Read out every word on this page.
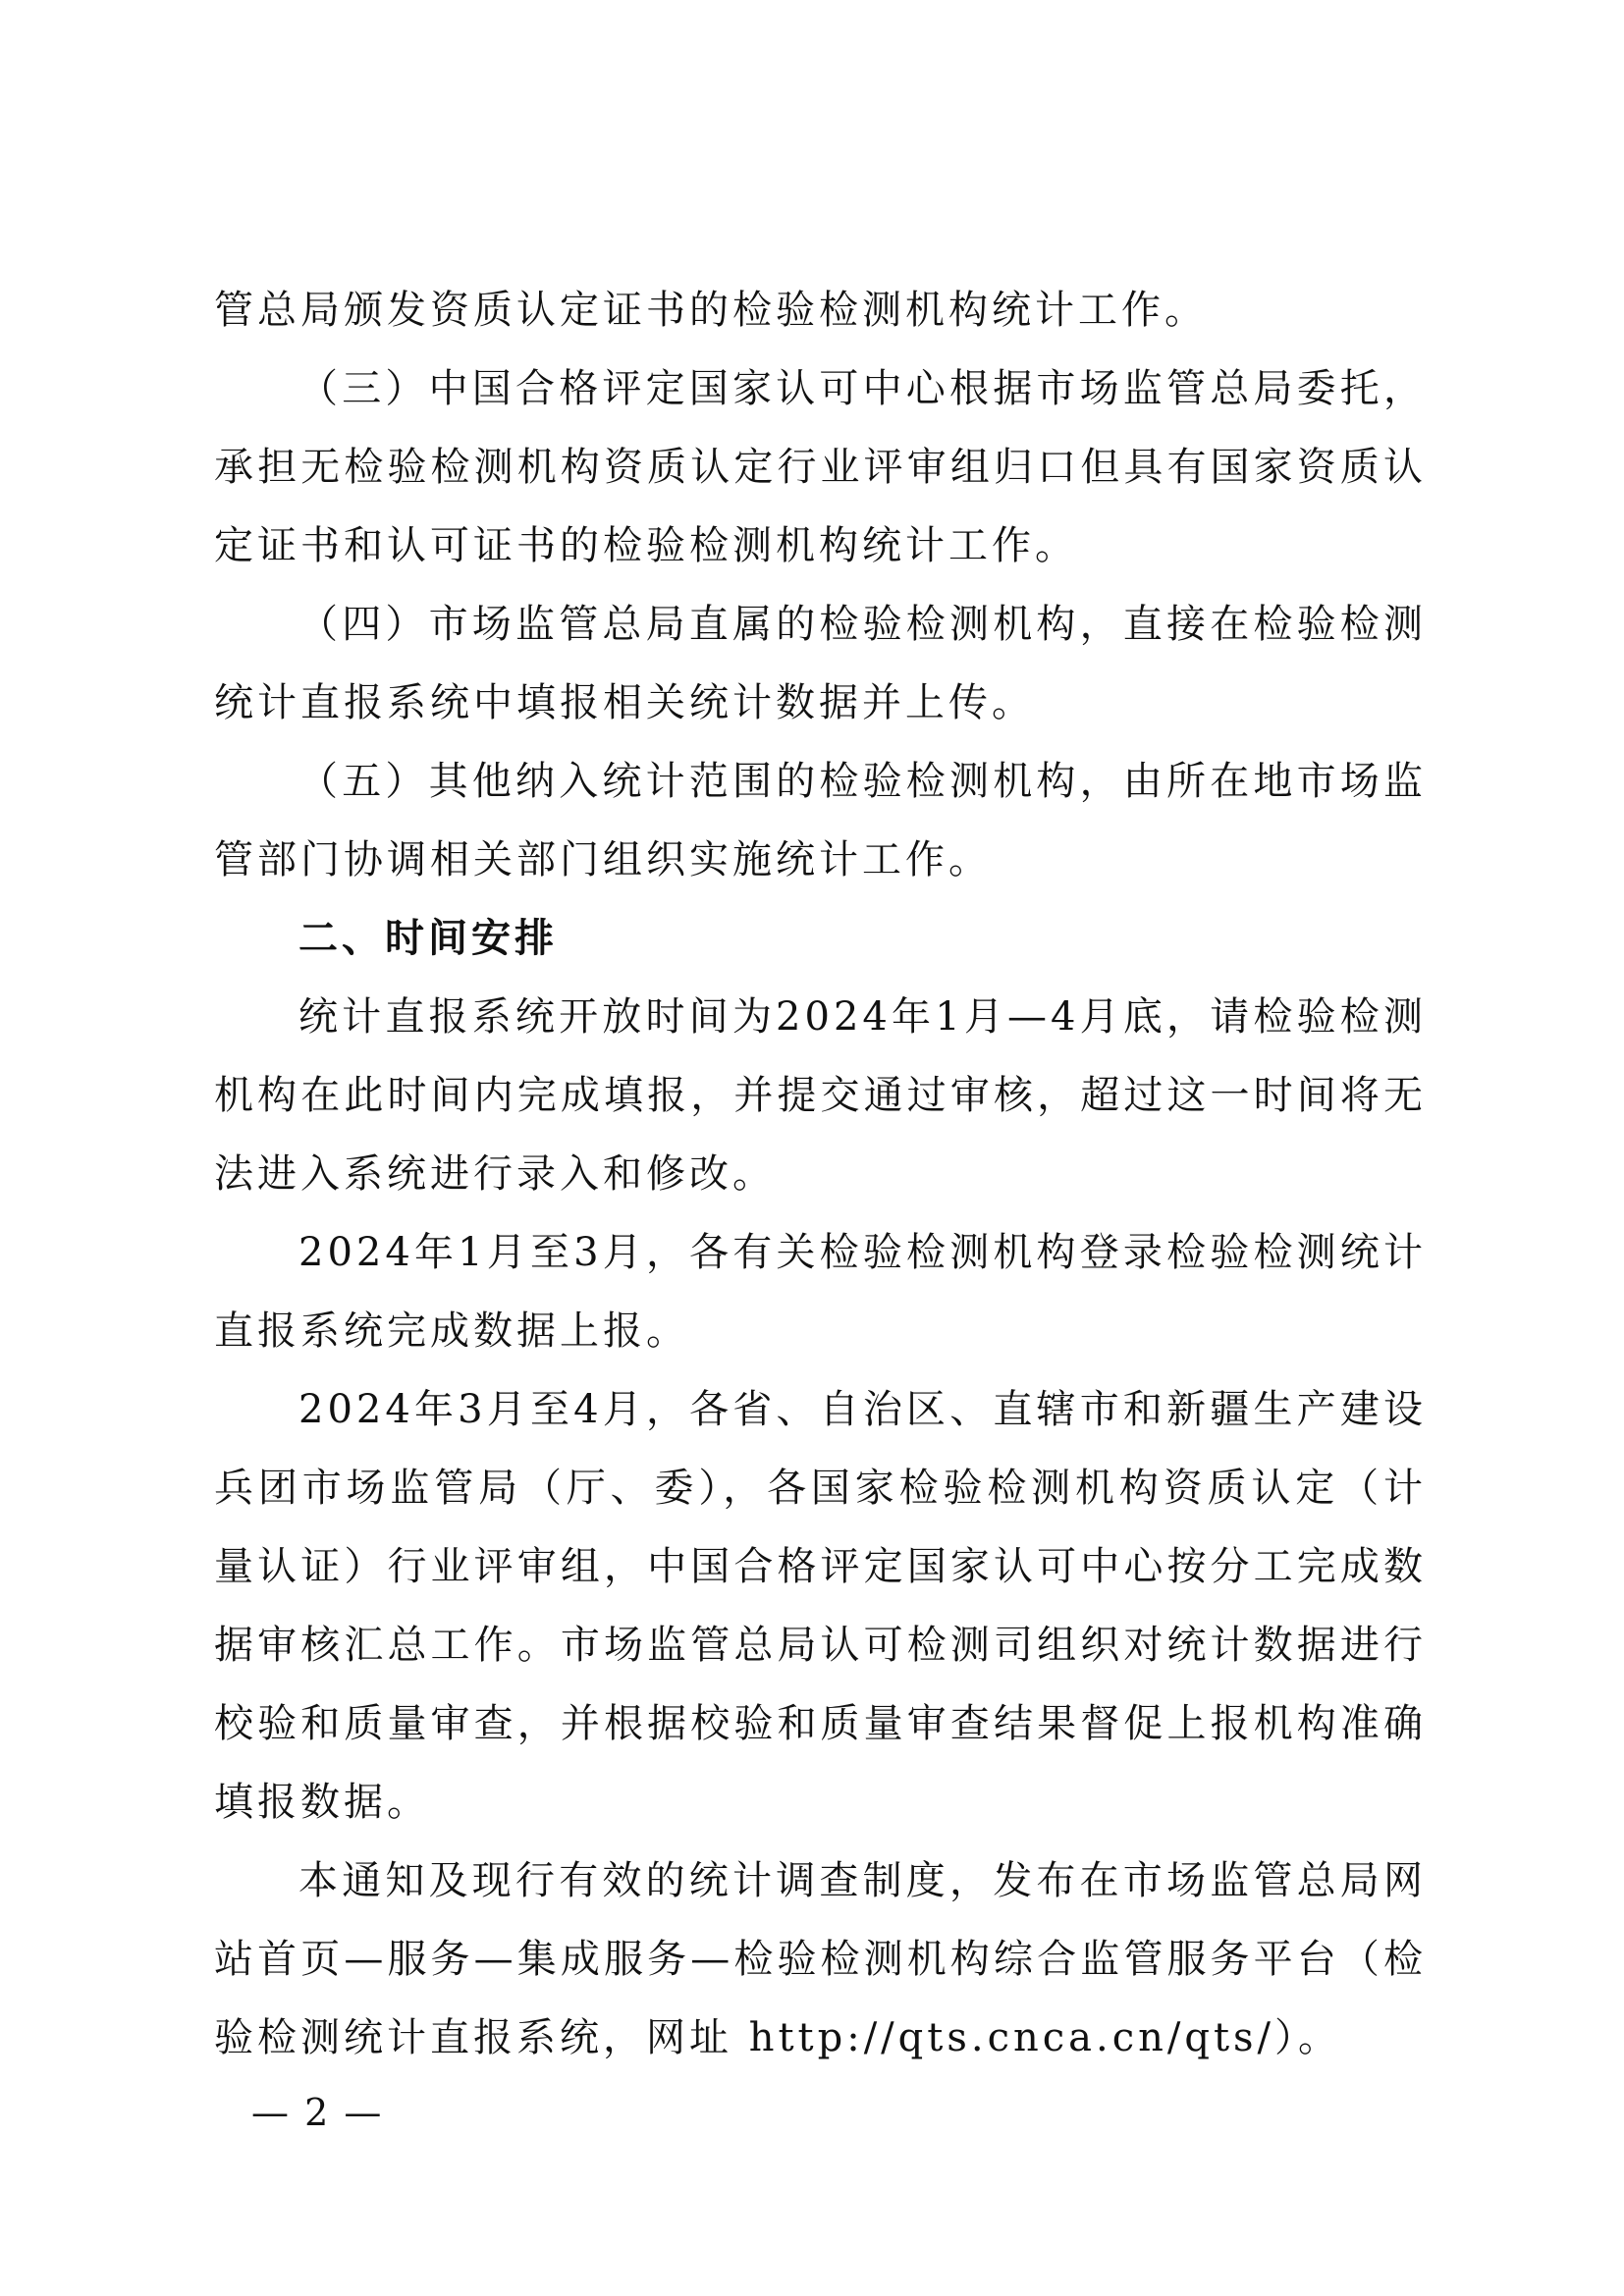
管总局颁发资质认定证书的检验检测机构统计工作。

（三）中国合格评定国家认可中心根据市场监管总局委托，承担无检验检测机构资质认定行业评审组归口但具有国家资质认定证书和认可证书的检验检测机构统计工作。

（四）市场监管总局直属的检验检测机构，直接在检验检测统计直报系统中填报相关统计数据并上传。

（五）其他纳入统计范围的检验检测机构，由所在地市场监管部门协调相关部门组织实施统计工作。

二、时间安排

统计直报系统开放时间为2024年1月—4月底，请检验检测机构在此时间内完成填报，并提交通过审核，超过这一时间将无法进入系统进行录入和修改。

2024年1月至3月，各有关检验检测机构登录检验检测统计直报系统完成数据上报。

2024年3月至4月，各省、自治区、直辖市和新疆生产建设兵团市场监管局（厅、委），各国家检验检测机构资质认定（计量认证）行业评审组，中国合格评定国家认可中心按分工完成数据审核汇总工作。市场监管总局认可检测司组织对统计数据进行校验和质量审查，并根据校验和质量审查结果督促上报机构准确填报数据。

本通知及现行有效的统计调查制度，发布在市场监管总局网站首页—服务—集成服务—检验检测机构综合监管服务平台（检验检测统计直报系统，网址 http://qts.cnca.cn/qts/）。

— 2 —
